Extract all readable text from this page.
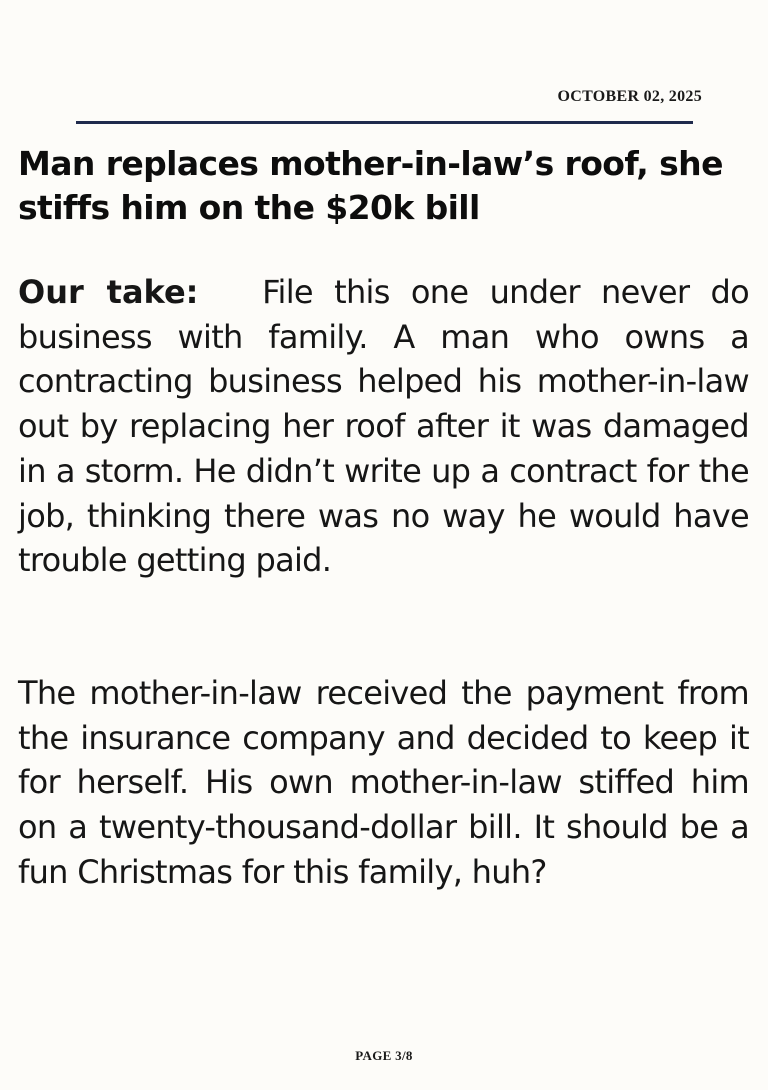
OCTOBER 02, 2025
Man replaces mother-in-law’s roof, she stiffs him on the $20k bill

Our take: File this one under never do business with family. A man who owns a contracting business helped his mother-in-law out by replacing her roof after it was damaged in a storm. He didn’t write up a contract for the job, thinking there was no way he would have trouble getting paid.

The mother-in-law received the payment from the insurance company and decided to keep it for herself. His own mother-in-law stiffed him on a twenty-thousand-dollar bill. It should be a fun Christmas for this family, huh?

PAGE 3/8
